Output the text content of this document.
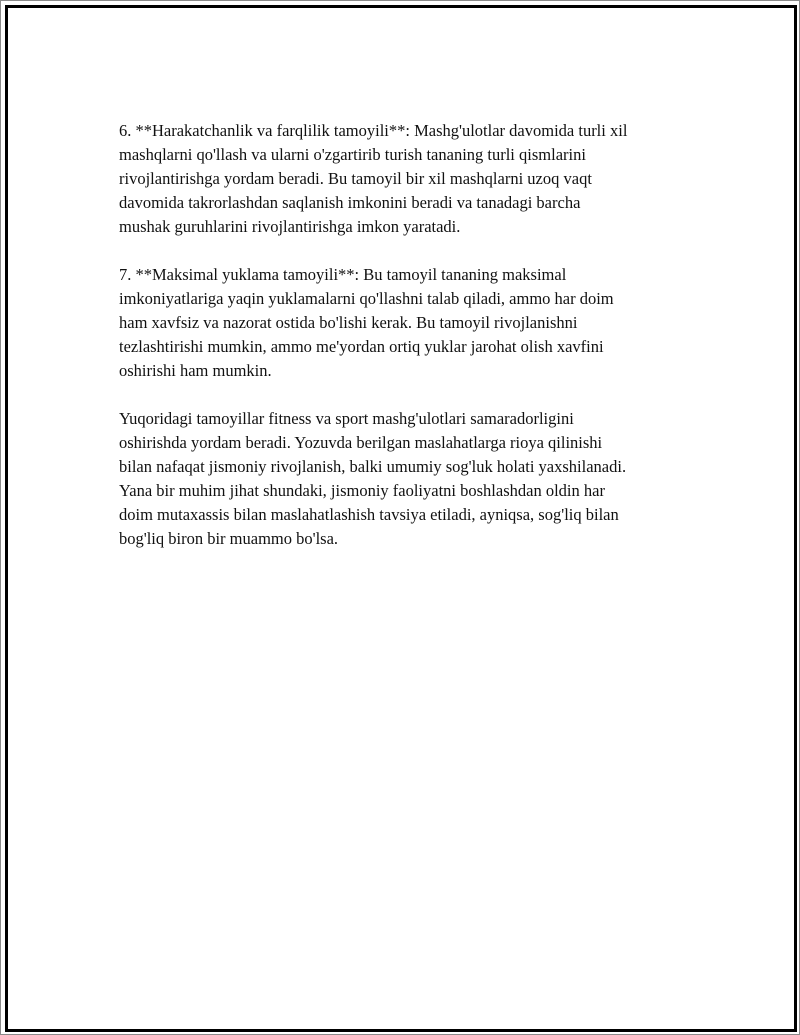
6. **Harakatchanlik va farqlilik tamoyili**: Mashg'ulotlar davomida turli xil
mashqlarni qo'llash va ularni o'zgartirib turish tananing turli qismlarini
rivojlantirishga yordam beradi. Bu tamoyil bir xil mashqlarni uzoq vaqt
davomida takrorlashdan saqlanish imkonini beradi va tanadagi barcha
mushak guruhlarini rivojlantirishga imkon yaratadi.

7. **Maksimal yuklama tamoyili**: Bu tamoyil tananing maksimal
imkoniyatlariga yaqin yuklamalarni qo'llashni talab qiladi, ammo har doim
ham xavfsiz va nazorat ostida bo'lishi kerak. Bu tamoyil rivojlanishni
tezlashtirishi mumkin, ammo me'yordan ortiq yuklar jarohat olish xavfini
oshirishi ham mumkin.

Yuqoridagi tamoyillar fitness va sport mashg'ulotlari samaradorligini
oshirishda yordam beradi. Yozuvda berilgan maslahatlarga rioya qilinishi
bilan nafaqat jismoniy rivojlanish, balki umumiy sog'luk holati yaxshilanadi.
Yana bir muhim jihat shundaki, jismoniy faoliyatni boshlashdan oldin har
doim mutaxassis bilan maslahatlashish tavsiya etiladi, ayniqsa, sog'liq bilan
bog'liq biron bir muammo bo'lsa.
